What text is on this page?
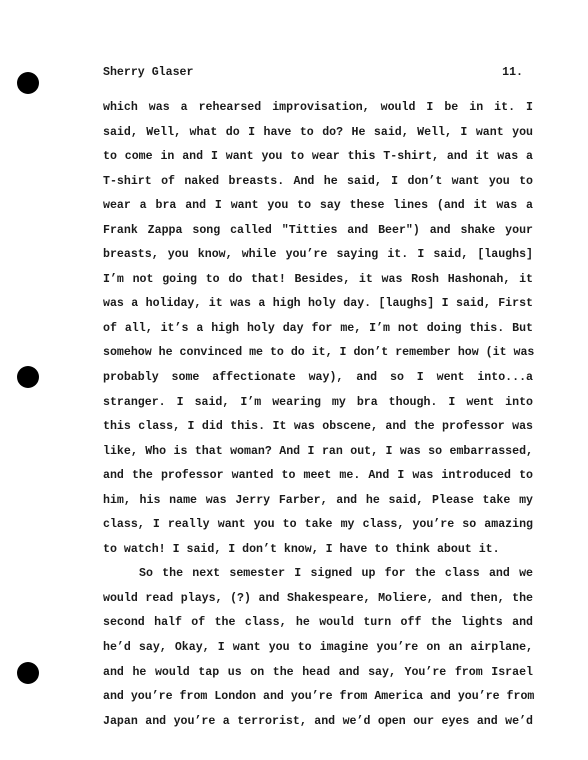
Sherry Glaser	11.
which was a rehearsed improvisation, would I be in it. I
said, Well, what do I have to do? He said, Well, I want you
to come in and I want you to wear this T-shirt, and it was a
T-shirt of naked breasts. And he said, I don’t want you to
wear a bra and I want you to say these lines (and it was a
Frank Zappa song called "Titties and Beer") and shake your
breasts, you know, while you’re saying it. I said, [laughs]
I’m not going to do that! Besides, it was Rosh Hashonah, it
was a holiday, it was a high holy day. [laughs] I said, First
of all, it’s a high holy day for me, I’m not doing this. But
somehow he convinced me to do it, I don’t remember how (it was
probably some affectionate way), and so I went into...a
stranger. I said, I’m wearing my bra though. I went into
this class, I did this. It was obscene, and the professor was
like, Who is that woman? And I ran out, I was so embarrassed,
and the professor wanted to meet me. And I was introduced to
him, his name was Jerry Farber, and he said, Please take my
class, I really want you to take my class, you’re so amazing
to watch! I said, I don’t know, I have to think about it.
So the next semester I signed up for the class and we
would read plays, (?) and Shakespeare, Moliere, and then, the
second half of the class, he would turn off the lights and
he’d say, Okay, I want you to imagine you’re on an airplane,
and he would tap us on the head and say, You’re from Israel
and you’re from London and you’re from America and you’re from
Japan and you’re a terrorist, and we’d open our eyes and we’d
